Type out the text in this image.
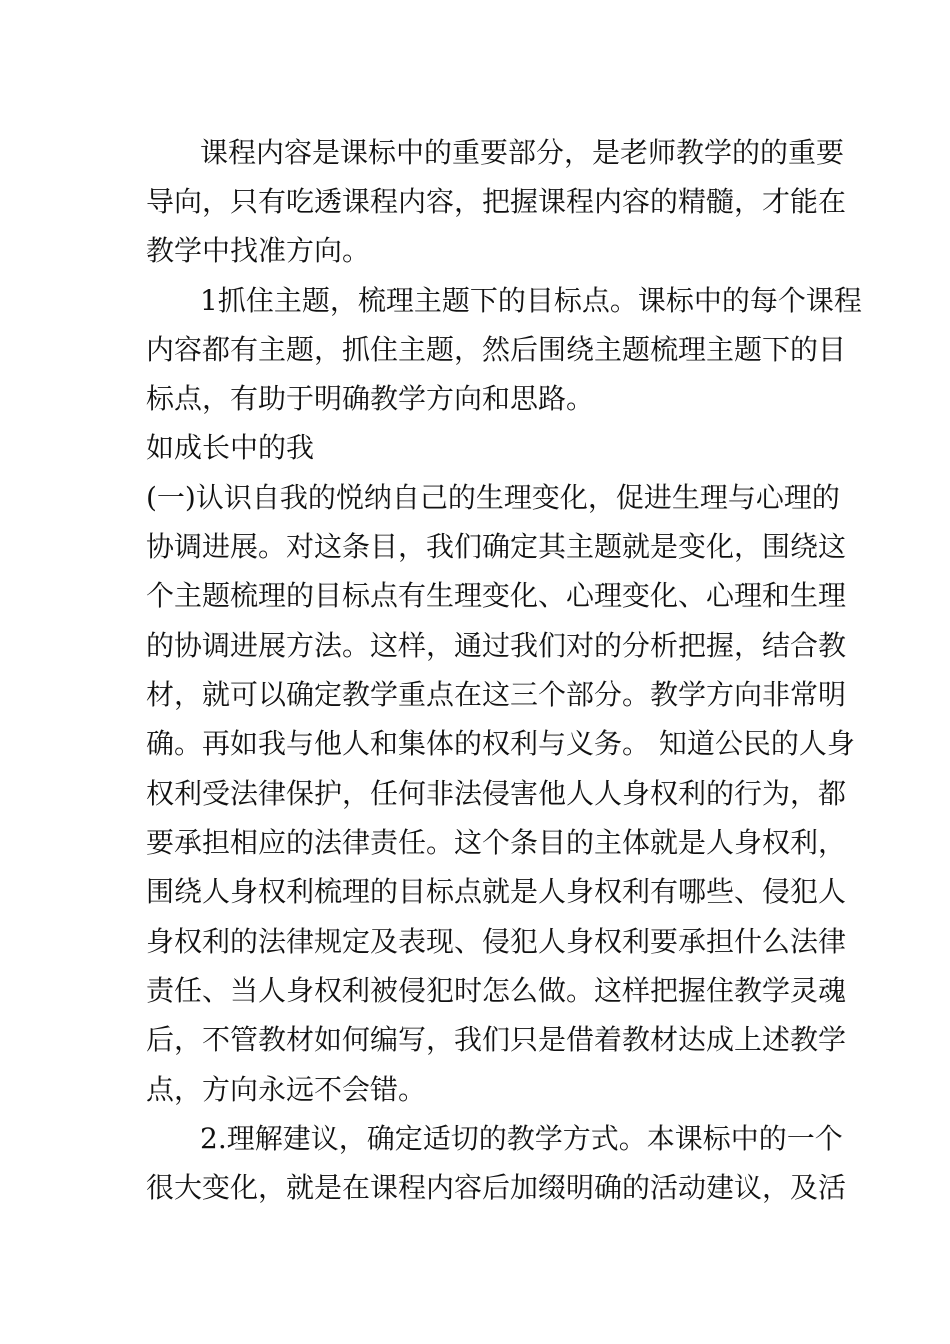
课程内容是课标中的重要部分，是老师教学的的重要
导向，只有吃透课程内容，把握课程内容的精髓，才能在
教学中找准方向。
1抓住主题，梳理主题下的目标点。课标中的每个课程
内容都有主题，抓住主题，然后围绕主题梳理主题下的目
标点，有助于明确教学方向和思路。
如成长中的我
(一)认识自我的悦纳自己的生理变化，促进生理与心理的
协调进展。对这条目，我们确定其主题就是变化，围绕这
个主题梳理的目标点有生理变化、心理变化、心理和生理
的协调进展方法。这样，通过我们对的分析把握，结合教
材，就可以确定教学重点在这三个部分。教学方向非常明
确。再如我与他人和集体的权利与义务。 知道公民的人身
权利受法律保护，任何非法侵害他人人身权利的行为，都
要承担相应的法律责任。这个条目的主体就是人身权利，
围绕人身权利梳理的目标点就是人身权利有哪些、侵犯人
身权利的法律规定及表现、侵犯人身权利要承担什么法律
责任、当人身权利被侵犯时怎么做。这样把握住教学灵魂
后，不管教材如何编写，我们只是借着教材达成上述教学
点，方向永远不会错。
2.理解建议，确定适切的教学方式。本课标中的一个
很大变化，就是在课程内容后加缀明确的活动建议，及活
